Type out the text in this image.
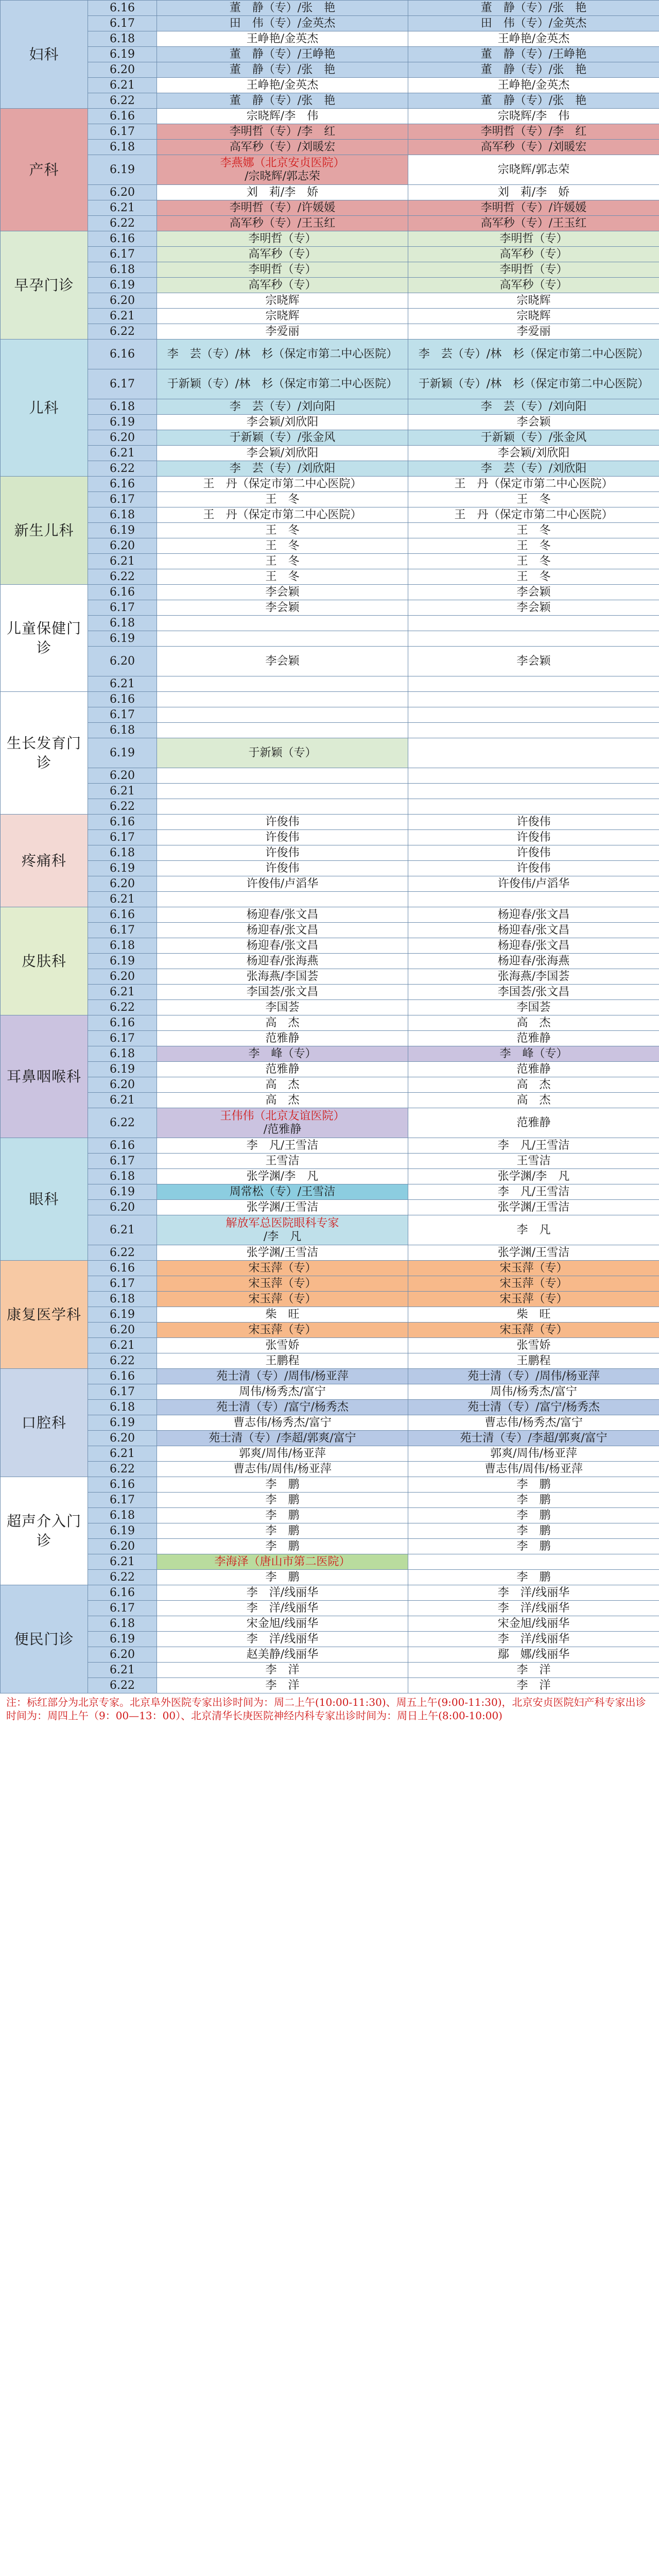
妇科	6.16	董　静（专）/张　艳	董　静（专）/张　艳
	6.17	田　伟（专）/金英杰	田　伟（专）/金英杰
	6.18	王峥艳/金英杰	王峥艳/金英杰
	6.19	董　静（专）/王峥艳	董　静（专）/王峥艳
	6.20	董　静（专）/张　艳	董　静（专）/张　艳
	6.21	王峥艳/金英杰	王峥艳/金英杰
	6.22	董　静（专）/张　艳	董　静（专）/张　艳
产科	6.16	宗晓辉/李　伟	宗晓辉/李　伟
	6.17	李明哲（专）/李　红	李明哲（专）/李　红
	6.18	高军秒（专）/刘暖宏	高军秒（专）/刘暖宏
	6.19	李燕娜（北京安贞医院）
/宗晓辉/郭志荣	宗晓辉/郭志荣
	6.20	刘　莉/李　娇	刘　莉/李　娇
	6.21	李明哲（专）/许媛媛	李明哲（专）/许媛媛
	6.22	高军秒（专）/王玉红	高军秒（专）/王玉红
早孕门诊	6.16	李明哲（专）	李明哲（专）
	6.17	高军秒（专）	高军秒（专）
	6.18	李明哲（专）	李明哲（专）
	6.19	高军秒（专）	高军秒（专）
	6.20	宗晓辉	宗晓辉
	6.21	宗晓辉	宗晓辉
	6.22	李爱丽	李爱丽
儿科	6.16	李　芸（专）/林　杉（保定市第二中心医院）	李　芸（专）/林　杉（保定市第二中心医院）
	6.17	于新颖（专）/林　杉（保定市第二中心医院）	于新颖（专）/林　杉（保定市第二中心医院）
	6.18	李　芸（专）/刘向阳	李　芸（专）/刘向阳
	6.19	李会颖/刘欣阳	李会颖
	6.20	于新颖（专）/张金风	于新颖（专）/张金风
	6.21	李会颖/刘欣阳	李会颖/刘欣阳
	6.22	李　芸（专）/刘欣阳	李　芸（专）/刘欣阳
新生儿科	6.16	王　丹（保定市第二中心医院）	王　丹（保定市第二中心医院）
	6.17	王　冬	王　冬
	6.18	王　丹（保定市第二中心医院）	王　丹（保定市第二中心医院）
	6.19	王　冬	王　冬
	6.20	王　冬	王　冬
	6.21	王　冬	王　冬
	6.22	王　冬	王　冬
儿童保健门诊	6.16	李会颖	李会颖
	6.17	李会颖	李会颖
	6.18		
	6.19		
	6.20	李会颖	李会颖
	6.21		
生长发育门诊	6.16		
	6.17		
	6.18		
	6.19	于新颖（专）	
	6.20		
	6.21		
	6.22		
疼痛科	6.16	许俊伟	许俊伟
	6.17	许俊伟	许俊伟
	6.18	许俊伟	许俊伟
	6.19	许俊伟	许俊伟
	6.20	许俊伟/卢滔华	许俊伟/卢滔华
	6.21		
皮肤科	6.16	杨迎春/张文昌	杨迎春/张文昌
	6.17	杨迎春/张文昌	杨迎春/张文昌
	6.18	杨迎春/张文昌	杨迎春/张文昌
	6.19	杨迎春/张海燕	杨迎春/张海燕
	6.20	张海燕/李国荟	张海燕/李国荟
	6.21	李国荟/张文昌	李国荟/张文昌
	6.22	李国荟	李国荟
耳鼻咽喉科	6.16	高　杰	高　杰
	6.17	范雅静	范雅静
	6.18	李　峰（专）	李　峰（专）
	6.19	范雅静	范雅静
	6.20	高　杰	高　杰
	6.21	高　杰	高　杰
	6.22	王伟伟（北京友谊医院）
/范雅静	范雅静
眼科	6.16	李　凡/王雪洁	李　凡/王雪洁
	6.17	王雪洁	王雪洁
	6.18	张学渊/李　凡	张学渊/李　凡
	6.19	周常松（专）/王雪洁	李　凡/王雪洁
	6.20	张学渊/王雪洁	张学渊/王雪洁
	6.21	解放军总医院眼科专家
/李　凡	李　凡
	6.22	张学渊/王雪洁	张学渊/王雪洁
康复医学科	6.16	宋玉萍（专）	宋玉萍（专）
	6.17	宋玉萍（专）	宋玉萍（专）
	6.18	宋玉萍（专）	宋玉萍（专）
	6.19	柴　旺	柴　旺
	6.20	宋玉萍（专）	宋玉萍（专）
	6.21	张雪娇	张雪娇
	6.22	王鹏程	王鹏程
口腔科	6.16	苑士清（专）/周伟/杨亚萍	苑士清（专）/周伟/杨亚萍
	6.17	周伟/杨秀杰/富宁	周伟/杨秀杰/富宁
	6.18	苑士清（专）/富宁/杨秀杰	苑士清（专）/富宁/杨秀杰
	6.19	曹志伟/杨秀杰/富宁	曹志伟/杨秀杰/富宁
	6.20	苑士清（专）/李超/郭爽/富宁	苑士清（专）/李超/郭爽/富宁
	6.21	郭爽/周伟/杨亚萍	郭爽/周伟/杨亚萍
	6.22	曹志伟/周伟/杨亚萍	曹志伟/周伟/杨亚萍
超声介入门诊	6.16	李　鹏	李　鹏
	6.17	李　鹏	李　鹏
	6.18	李　鹏	李　鹏
	6.19	李　鹏	李　鹏
	6.20	李　鹏	李　鹏
	6.21	李海泽（唐山市第二医院）	
	6.22	李　鹏	李　鹏
便民门诊	6.16	李　洋/线丽华	李　洋/线丽华
	6.17	李　洋/线丽华	李　洋/线丽华
	6.18	宋金旭/线丽华	宋金旭/线丽华
	6.19	李　洋/线丽华	李　洋/线丽华
	6.20	赵美静/线丽华	鄢　娜/线丽华
	6.21	李　洋	李　洋
	6.22	李　洋	李　洋
注：标红部分为北京专家。北京阜外医院专家出诊时间为：周二上午(10:00-11:30)、周五上午(9:00-11:30)，北京安贞医院妇产科专家出诊时间为：周四上午（9：00—13：00）、北京清华长庚医院神经内科专家出诊时间为：周日上午(8:00-10:00)
